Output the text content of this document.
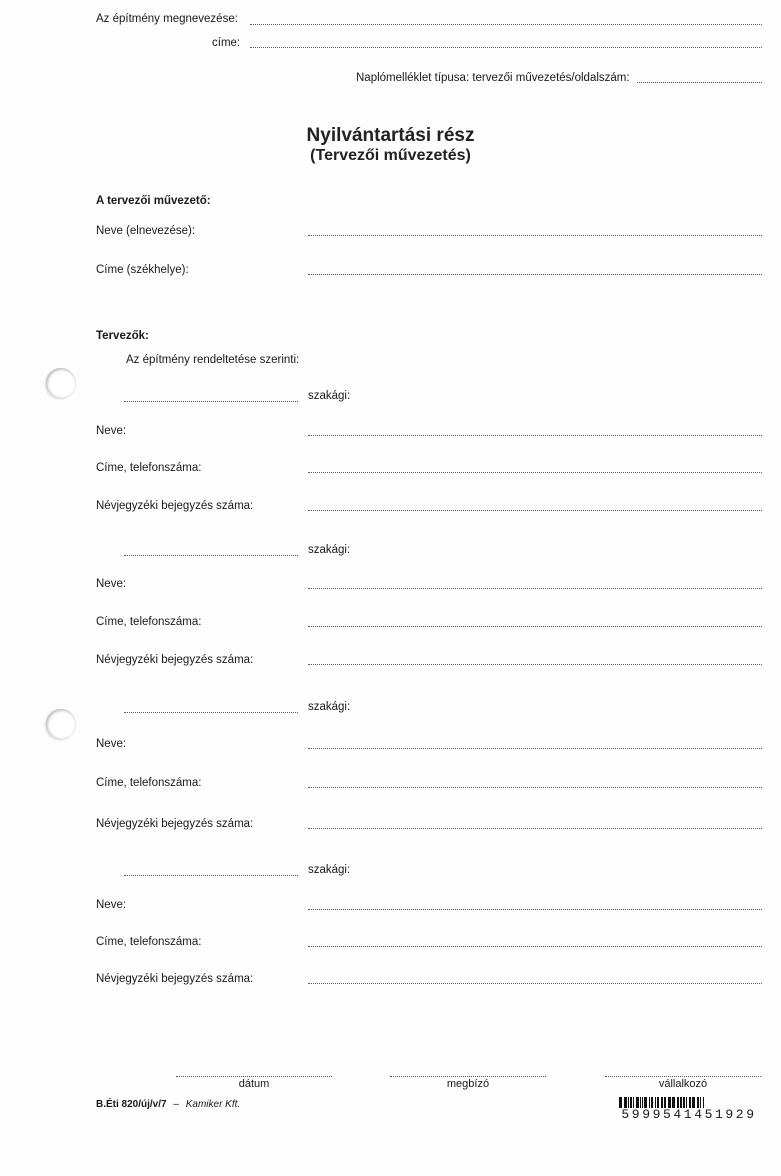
Az építmény megnevezése:
címe:
Naplómelléklet típusa: tervezői művezetés/oldalszám:
Nyilvántartási rész
(Tervezői művezetés)
A tervezői művezető:
Neve (elnevezése):
Címe (székhelye):
Tervezők:
Az építmény rendeltetése szerinti:
szakági:
Neve:
Címe, telefonszáma:
Névjegyzéki bejegyzés száma:
szakági:
Neve:
Címe, telefonszáma:
Névjegyzéki bejegyzés száma:
szakági:
Neve:
Címe, telefonszáma:
Névjegyzéki bejegyzés száma:
szakági:
Neve:
Címe, telefonszáma:
Névjegyzéki bejegyzés száma:
dátum	megbízó	vállalkozó
B.Éti 820/új/v/7 – Kamiker Kft.
5999541451929
